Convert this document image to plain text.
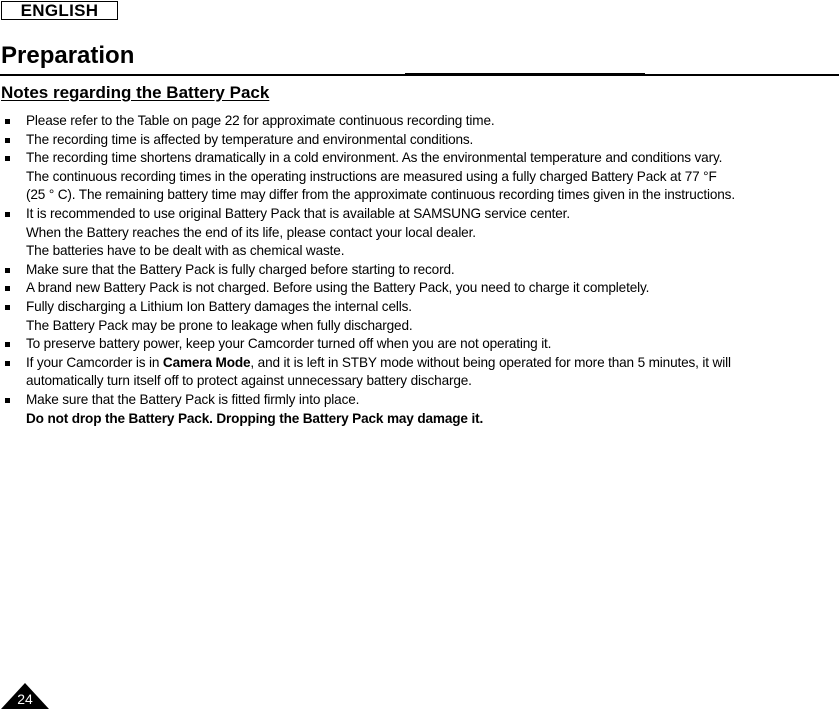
ENGLISH
Preparation
Notes regarding the Battery Pack
Please refer to the Table on page 22 for approximate continuous recording time.
The recording time is affected by temperature and environmental conditions.
The recording time shortens dramatically in a cold environment. As the environmental temperature and conditions vary.
The continuous recording times in the operating instructions are measured using a fully charged Battery Pack at 77 °F
(25 ° C). The remaining battery time may differ from the approximate continuous recording times given in the instructions.
It is recommended to use original Battery Pack that is available at SAMSUNG service center.
When the Battery reaches the end of its life, please contact your local dealer.
The batteries have to be dealt with as chemical waste.
Make sure that the Battery Pack is fully charged before starting to record.
A brand new Battery Pack is not charged. Before using the Battery Pack, you need to charge it completely.
Fully discharging a Lithium Ion Battery damages the internal cells.
The Battery Pack may be prone to leakage when fully discharged.
To preserve battery power, keep your Camcorder turned off when you are not operating it.
If your Camcorder is in Camera Mode, and it is left in STBY mode without being operated for more than 5 minutes, it will
automatically turn itself off to protect against unnecessary battery discharge.
Make sure that the Battery Pack is fitted firmly into place.
Do not drop the Battery Pack. Dropping the Battery Pack may damage it.
24
